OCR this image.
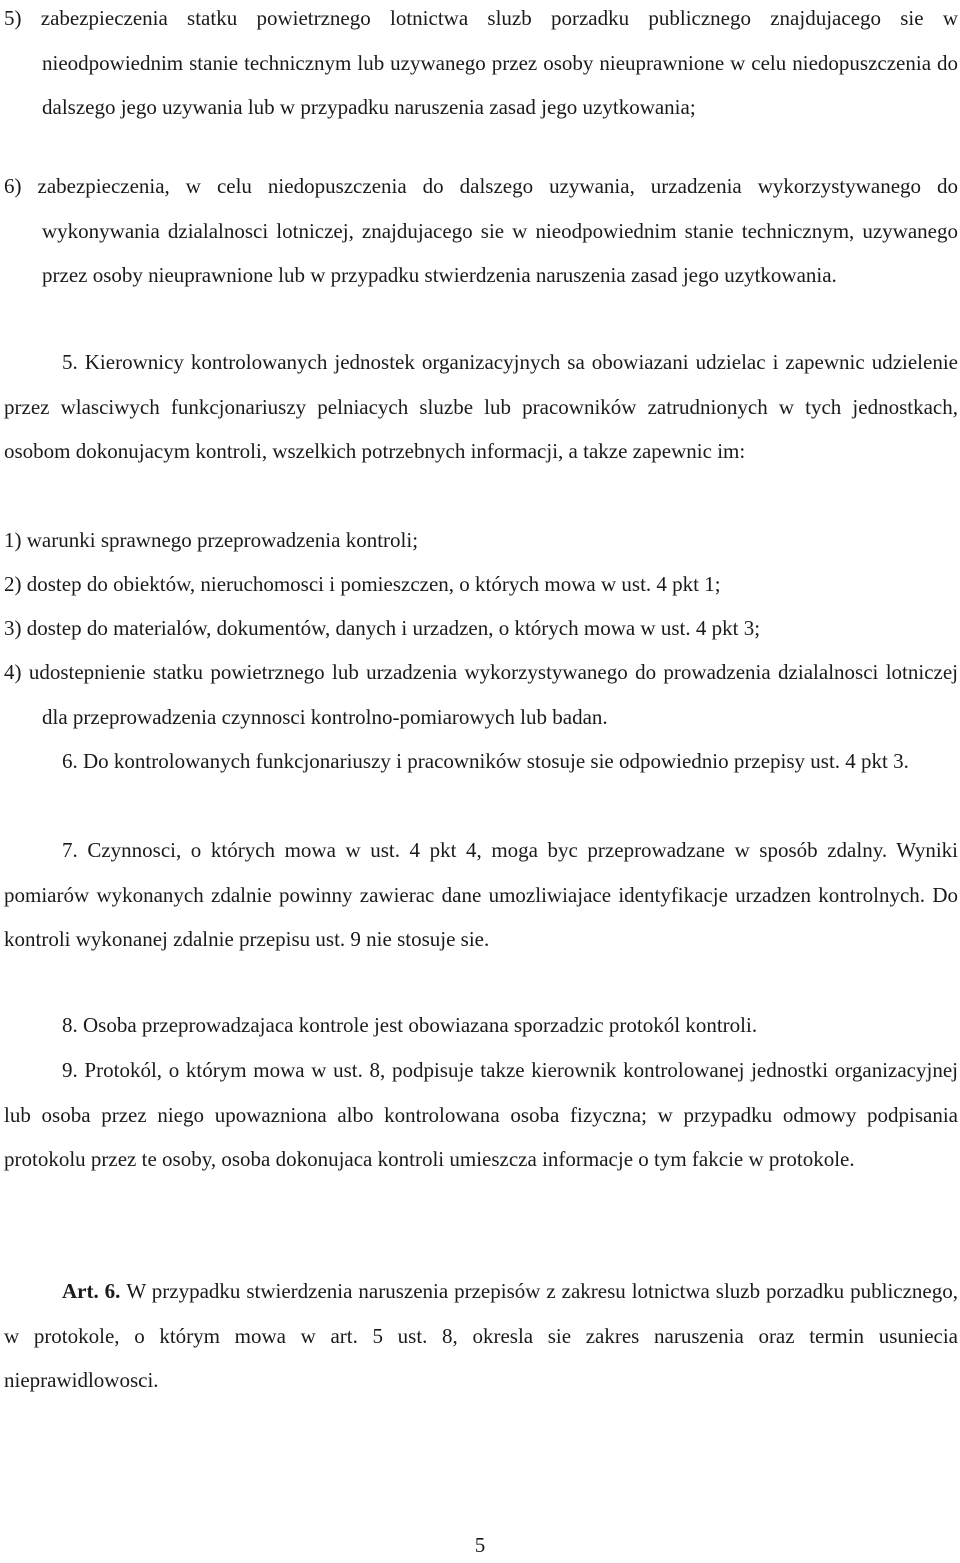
5) zabezpieczenia statku powietrznego lotnictwa sluzb porzadku publicznego znajdujacego sie w nieodpowiednim stanie technicznym lub uzywanego przez osoby nieuprawnione w celu niedopuszczenia do dalszego jego uzywania lub w przypadku naruszenia zasad jego uzytkowania;
6) zabezpieczenia, w celu niedopuszczenia do dalszego uzywania, urzadzenia wykorzystywanego do wykonywania dzialalnosci lotniczej, znajdujacego sie w nieodpowiednim stanie technicznym, uzywanego przez osoby nieuprawnione lub w przypadku stwierdzenia naruszenia zasad jego uzytkowania.
5. Kierownicy kontrolowanych jednostek organizacyjnych sa obowiazani udzielac i zapewnic udzielenie przez wlasciwych funkcjonariuszy pelniacych sluzbe lub pracowników zatrudnionych w tych jednostkach, osobom dokonujacym kontroli, wszelkich potrzebnych informacji, a takze zapewnic im:
1) warunki sprawnego przeprowadzenia kontroli;
2) dostep do obiektów, nieruchomosci i pomieszczen, o których mowa w ust. 4 pkt 1;
3) dostep do materialów, dokumentów, danych i urzadzen, o których mowa w ust. 4 pkt 3;
4) udostepnienie statku powietrznego lub urzadzenia wykorzystywanego do prowadzenia dzialalnosci lotniczej dla przeprowadzenia czynnosci kontrolno-pomiarowych lub badan.
6. Do kontrolowanych funkcjonariuszy i pracowników stosuje sie odpowiednio przepisy ust. 4 pkt 3.
7. Czynnosci, o których mowa w ust. 4 pkt 4, moga byc przeprowadzane w sposób zdalny. Wyniki pomiarów wykonanych zdalnie powinny zawierac dane umozliwiajace identyfikacje urzadzen kontrolnych. Do kontroli wykonanej zdalnie przepisu ust. 9 nie stosuje sie.
8. Osoba przeprowadzajaca kontrole jest obowiazana sporzadzic protokól kontroli.
9. Protokól, o którym mowa w ust. 8, podpisuje takze kierownik kontrolowanej jednostki organizacyjnej lub osoba przez niego upowazniona albo kontrolowana osoba fizyczna; w przypadku odmowy podpisania protokolu przez te osoby, osoba dokonujaca kontroli umieszcza informacje o tym fakcie w protokole.
Art. 6. W przypadku stwierdzenia naruszenia przepisów z zakresu lotnictwa sluzb porzadku publicznego, w protokole, o którym mowa w art. 5 ust. 8, okresla sie zakres naruszenia oraz termin usuniecia nieprawidlowosci.
5
